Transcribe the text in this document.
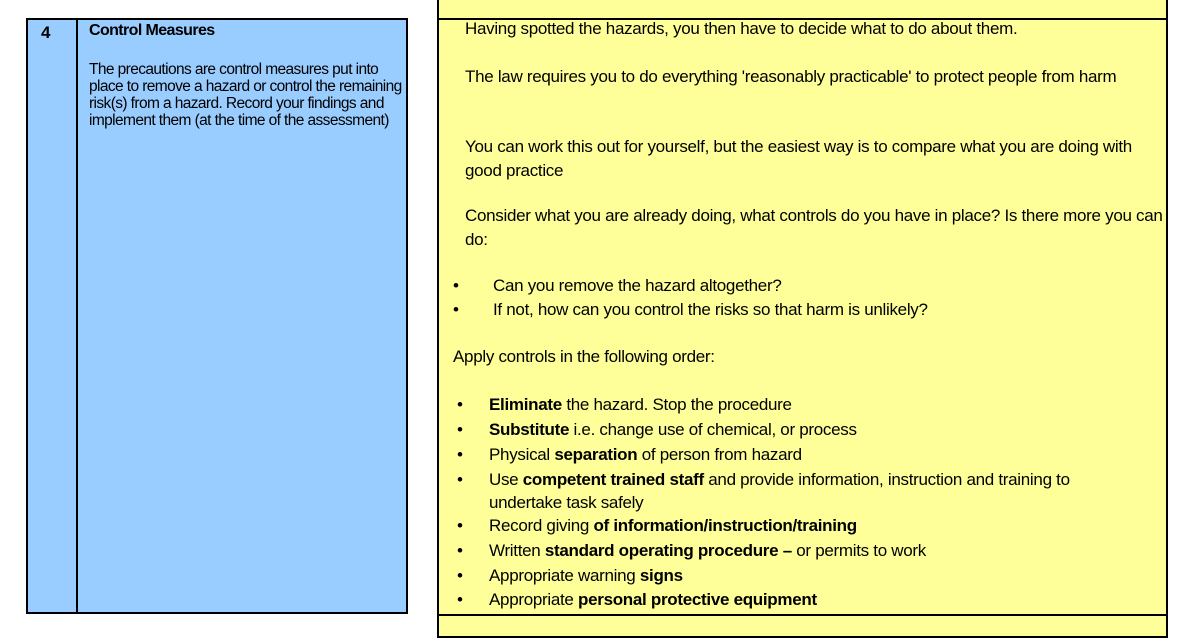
4 Control Measures
The precautions are control measures put into place to remove a hazard or control the remaining risk(s) from a hazard. Record your findings and implement them (at the time of the assessment)
Having spotted the hazards, you then have to decide what to do about them.
The law requires you to do everything 'reasonably practicable' to protect people from harm
You can work this out for yourself, but the easiest way is to compare what you are doing with good practice
Consider what you are already doing, what controls do you have in place? Is there more you can do:
• Can you remove the hazard altogether?
• If not, how can you control the risks so that harm is unlikely?
Apply controls in the following order:
• Eliminate the hazard. Stop the procedure
• Substitute i.e. change use of chemical, or process
• Physical separation of person from hazard
• Use competent trained staff and provide information, instruction and training to undertake task safely
• Record giving of information/instruction/training
• Written standard operating procedure – or permits to work
• Appropriate warning signs
• Appropriate personal protective equipment
